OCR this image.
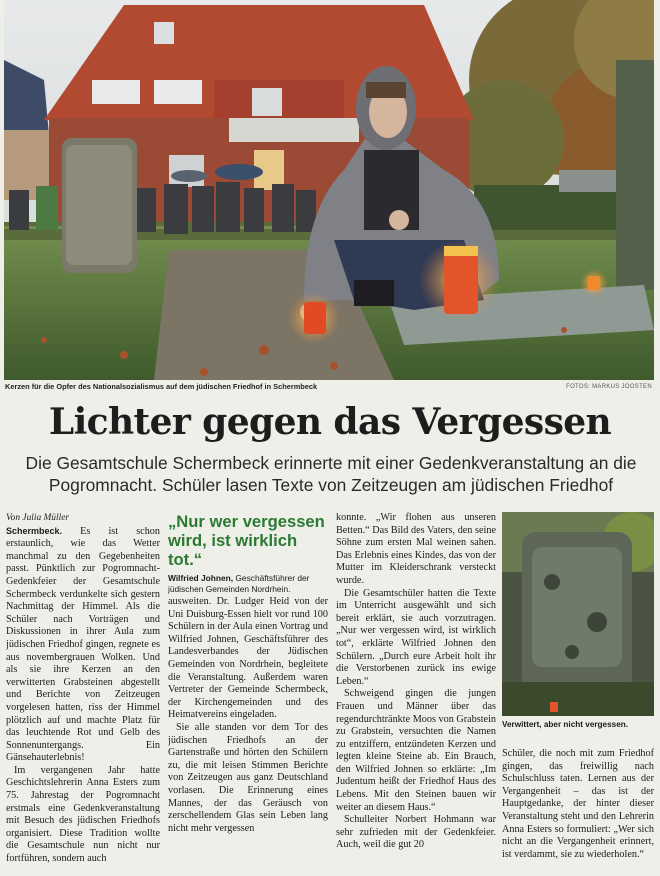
Kerzen für die Opfer des Nationalsozialismus auf dem jüdischen Friedhof in Schermbeck	FOTOS: MARKUS JOOSTEN
Lichter gegen das Vergessen

Die Gesamtschule Schermbeck erinnerte mit einer Gedenkveranstaltung an die Pogromnacht. Schüler lasen Texte von Zeitzeugen am jüdischen Friedhof

Von Julia Müller

Schermbeck. Es ist schon erstaunlich, wie das Wetter manchmal zu den Gegebenheiten passt. Pünktlich zur Pogromnacht-Gedenkfeier der Gesamtschule Schermbeck verdunkelte sich gestern Nachmittag der Himmel. Als die Schüler nach Vorträgen und Diskussionen in ihrer Aula zum jüdischen Friedhof gingen, regnete es aus novembergrauen Wolken. Und als sie ihre Kerzen an den verwitterten Grabsteinen abgestellt und Berichte von Zeitzeugen vorgelesen hatten, riss der Himmel plötzlich auf und machte Platz für das leuchtende Rot und Gelb des Sonnenuntergangs. Ein Gänsehauterlebnis!

Im vergangenen Jahr hatte Geschichtslehrerin Anna Esters zum 75. Jahrestag der Pogromnacht erstmals eine Gedenkveranstaltung mit Besuch des jüdischen Friedhofs organisiert. Diese Tradition wollte die Gesamtschule nun nicht nur fortführen, sondern auch

„Nur wer vergessen wird, ist wirklich tot.“

Wilfried Johnen, Geschäftsführer der jüdischen Gemeinden Nordrhein.

ausweiten. Dr. Ludger Heid von der Uni Duisburg-Essen hielt vor rund 100 Schülern in der Aula einen Vortrag und Wilfried Johnen, Geschäftsführer des Landesverbandes der Jüdischen Gemeinden von Nordrhein, begleitete die Veranstaltung. Außerdem waren Vertreter der Gemeinde Schermbeck, der Kirchengemeinden und des Heimatvereins eingeladen.

Sie alle standen vor dem Tor des jüdischen Friedhofs an der Gartenstraße und hörten den Schülern zu, die mit leisen Stimmen Berichte von Zeitzeugen aus ganz Deutschland vorlasen. Die Erinnerung eines Mannes, der das Geräusch von zerschellendem Glas sein Leben lang nicht mehr vergessen

konnte. „Wir flohen aus unseren Betten.“ Das Bild des Vaters, den seine Söhne zum ersten Mal weinen sahen. Das Erlebnis eines Kindes, das von der Mutter im Kleiderschrank versteckt wurde.

Die Gesamtschüler hatten die Texte im Unterricht ausgewählt und sich bereit erklärt, sie auch vorzutragen. „Nur wer vergessen wird, ist wirklich tot“, erklärte Wilfried Johnen den Schülern. „Durch eure Arbeit holt ihr die Verstorbenen zurück ins ewige Leben.“

Schweigend gingen die jungen Frauen und Männer über das regendurchtränkte Moos von Grabstein zu Grabstein, versuchten die Namen zu entziffern, entzündeten Kerzen und legten kleine Steine ab. Ein Brauch, den Wilfried Johnen so erklärte: „Im Judentum heißt der Friedhof Haus des Lebens. Mit den Steinen bauen wir weiter an diesem Haus.“

Schulleiter Norbert Hohmann war sehr zufrieden mit der Gedenkfeier. Auch, weil die gut 20

Verwittert, aber nicht vergessen.

Schüler, die noch mit zum Friedhof gingen, das freiwillig nach Schulschluss taten. Lernen aus der Vergangenheit – das ist der Hauptgedanke, der hinter dieser Veranstaltung steht und den Lehrerin Anna Esters so formuliert: „Wer sich nicht an die Vergangenheit erinnert, ist verdammt, sie zu wiederholen.“
